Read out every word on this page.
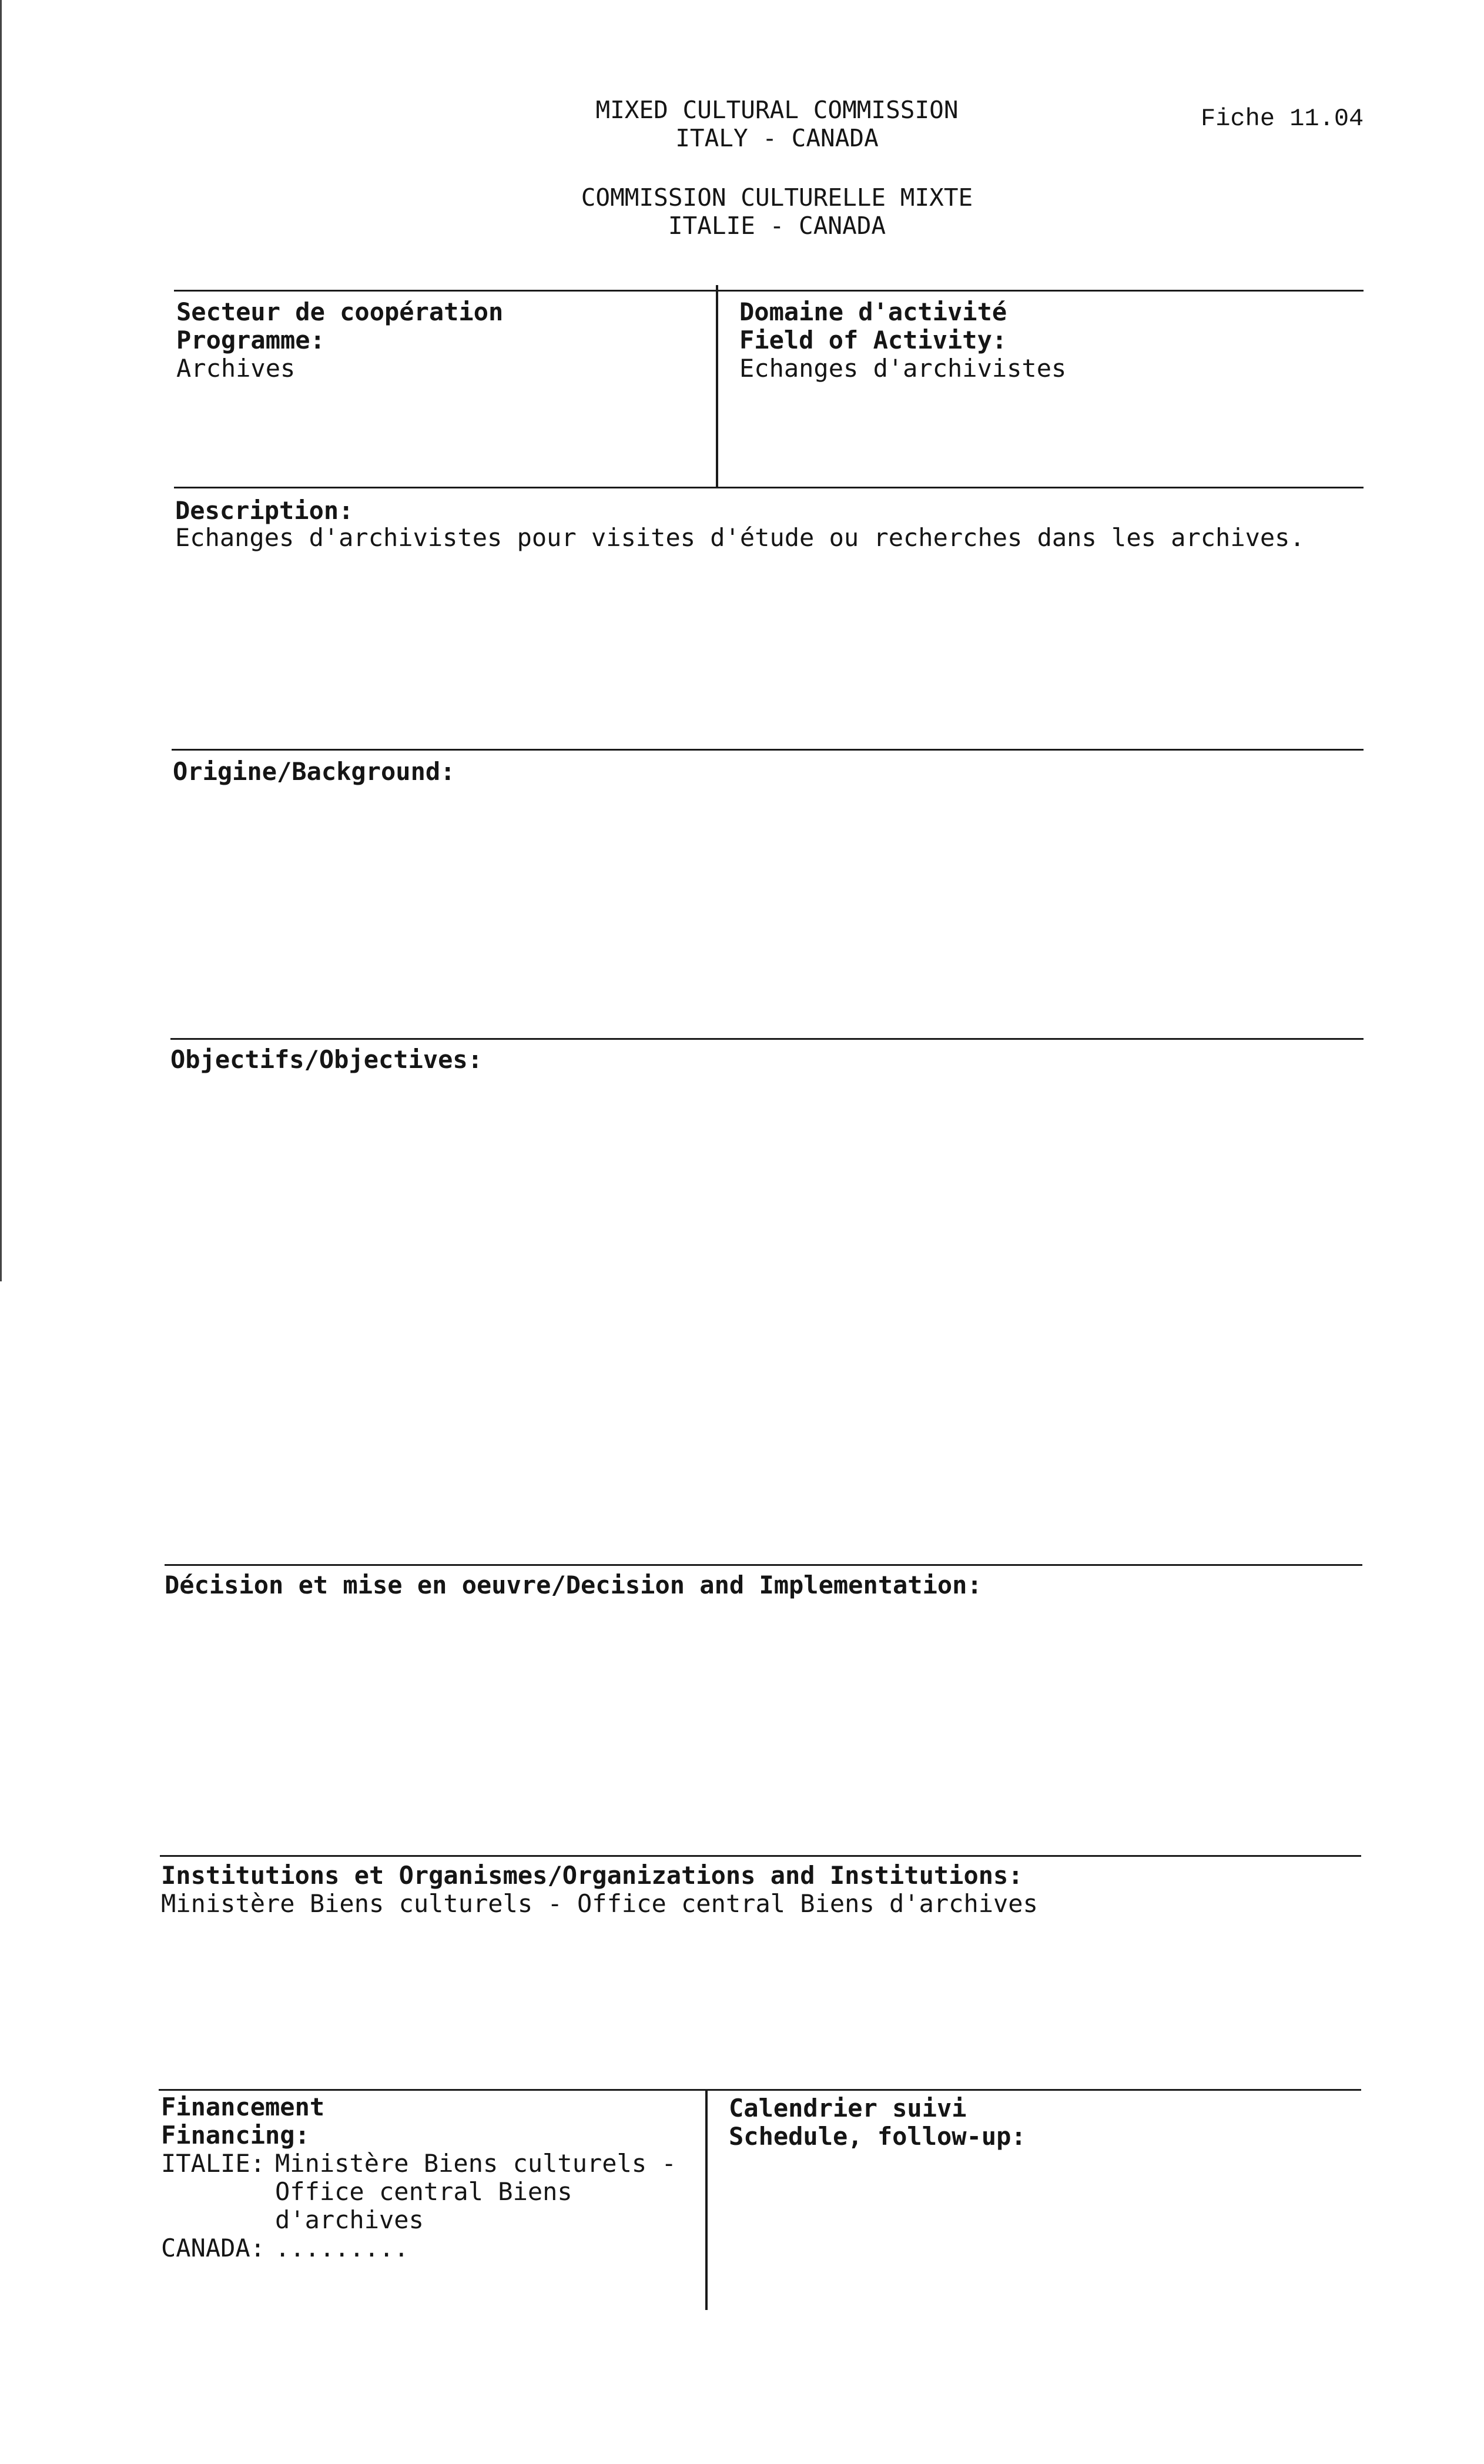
MIXED CULTURAL COMMISSION
ITALY - CANADA
COMMISSION CULTURELLE MIXTE
ITALIE - CANADA
Fiche 11.04
Secteur de coopération
Programme:
Archives
Domaine d'activité
Field of Activity:
Echanges d'archivistes
Description:
Echanges d'archivistes pour visites d'étude ou recherches dans les archives.
Origine/Background:
Objectifs/Objectives:
Décision et mise en oeuvre/Decision and Implementation:
Institutions et Organismes/Organizations and Institutions:
Ministère Biens culturels - Office central Biens d'archives
Financement
Financing:
ITALIE: Ministère Biens culturels -
Office central Biens
d'archives
CANADA: .........
Calendrier suivi
Schedule, follow-up:
